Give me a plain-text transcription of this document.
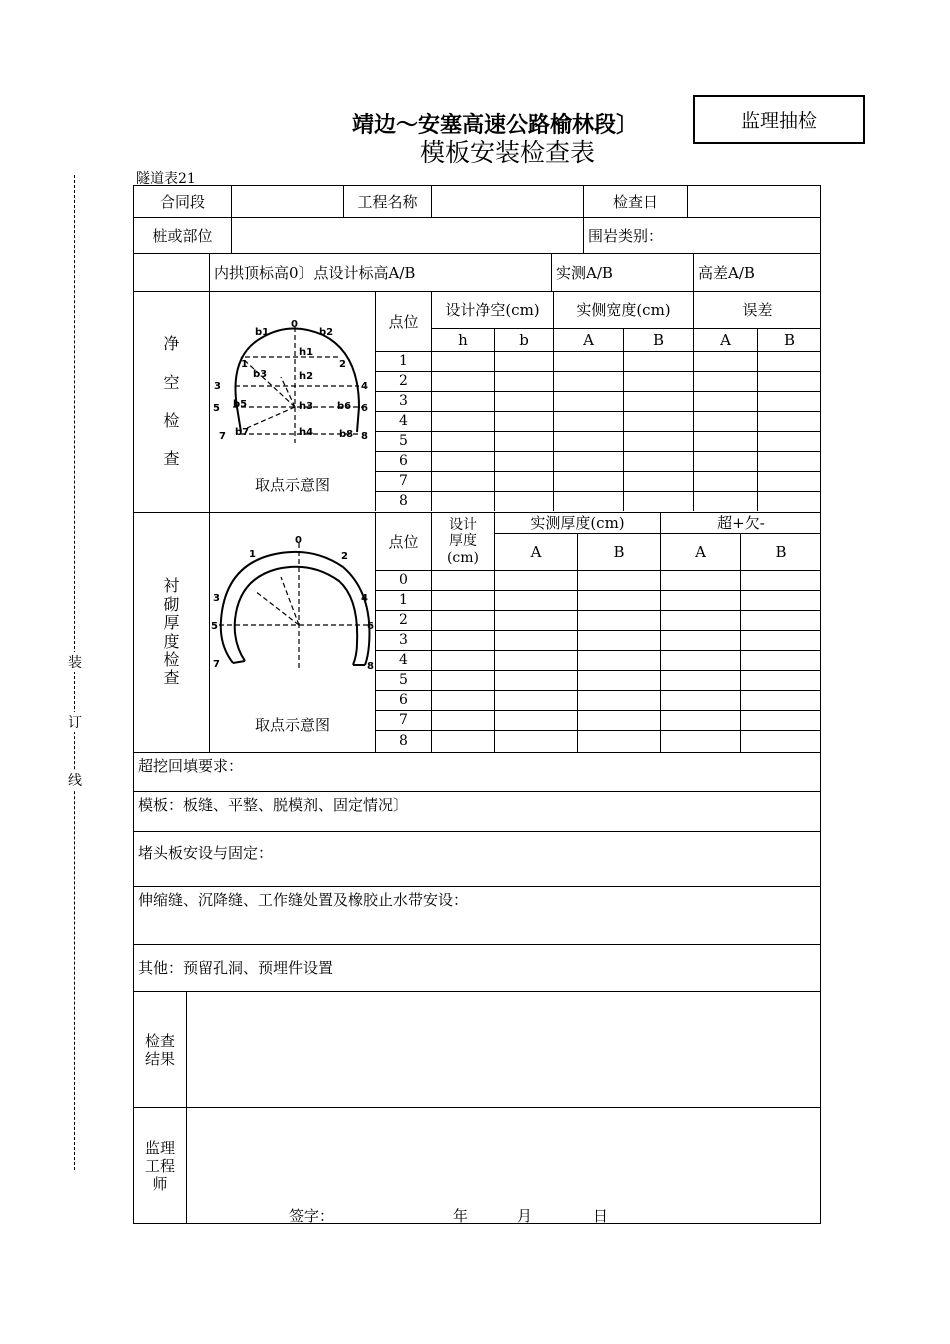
靖边～安塞高速公路榆林段〕
模板安装检查表
监理抽检
隧道表21
装
订
线
合同段	工程名称	检查日
桩或部位	围岩类别：
内拱顶标高0〕点设计标高A/B	实测A/B	高差A/B
净
空
检
查
取点示意图
0
1	2
3	4
5	6
7	8
b1	b2
h1
b3	h2
b5	h3 b6
b7	h4	b8
点位
设计净空(cm)	实侧宽度(cm)	误差
h	b	A	B	A	B
1
2
3
4
5
6
7
8
衬
砌
厚
度
检
查
取点示意图
0
1	2
3	4
5	6
7	8
点位
设计
厚度
(cm)
实测厚度(cm)	超+欠-
A	B	A	B
0
1
2
3
4
5
6
7
8
超挖回填要求：
模板：板缝、平整、脱模剂、固定情况〕
堵头板安设与固定：
伸缩缝、沉降缝、工作缝处置及橡胶止水带安设：
其他：预留孔洞、预埋件设置
检查
结果
监理
工程
师
签字：	年	月	日
